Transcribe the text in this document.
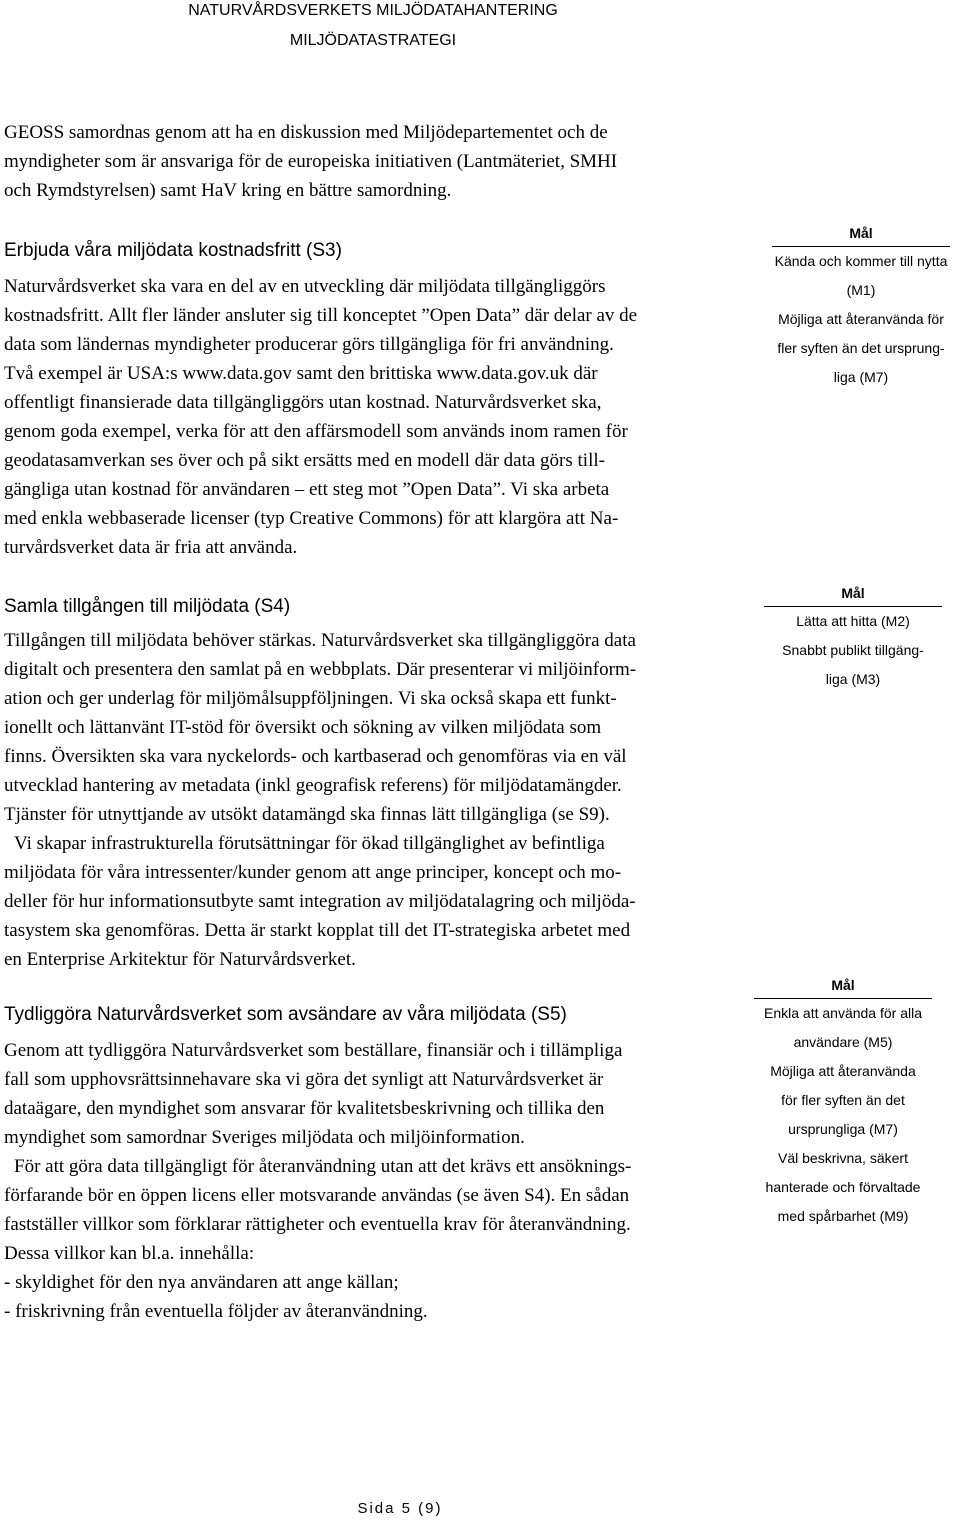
NATURVÅRDSVERKETS MILJÖDATAHANTERING
MILJÖDATASTRATEGI

GEOSS samordnas genom att ha en diskussion med Miljödepartementet och de

myndigheter som är ansvariga för de europeiska initiativen (Lantmäteriet, SMHI

och Rymdstyrelsen) samt HaV kring en bättre samordning.

Erbjuda våra miljödata kostnadsfritt (S3)

Naturvårdsverket ska vara en del av en utveckling där miljödata tillgängliggörs

kostnadsfritt. Allt fler länder ansluter sig till konceptet ”Open Data” där delar av de

data som ländernas myndigheter producerar görs tillgängliga för fri användning.

Två exempel är USA:s www.data.gov samt den brittiska www.data.gov.uk där

offentligt finansierade data tillgängliggörs utan kostnad. Naturvårdsverket ska,

genom goda exempel, verka för att den affärsmodell som används inom ramen för

geodatasamverkan ses över och på sikt ersätts med en modell där data görs till-

gängliga utan kostnad för användaren – ett steg mot ”Open Data”. Vi ska arbeta

med enkla webbaserade licenser (typ Creative Commons) för att klargöra att Na-

turvårdsverket data är fria att använda.

Mål
Kända och kommer till nytta
(M1)
Möjliga att återanvända för
fler syften än det ursprung-
liga (M7)
Samla tillgången till miljödata (S4)

Tillgången till miljödata behöver stärkas. Naturvårdsverket ska tillgängliggöra data

digitalt och presentera den samlat på en webbplats. Där presenterar vi miljöinform-

ation och ger underlag för miljömålsuppföljningen. Vi ska också skapa ett funkt-

ionellt och lättanvänt IT-stöd för översikt och sökning av vilken miljödata som

finns. Översikten ska vara nyckelords- och kartbaserad och genomföras via en väl

utvecklad hantering av metadata (inkl geografisk referens) för miljödatamängder.

Tjänster för utnyttjande av utsökt datamängd ska finnas lätt tillgängliga (se S9).

Vi skapar infrastrukturella förutsättningar för ökad tillgänglighet av befintliga

miljödata för våra intressenter/kunder genom att ange principer, koncept och mo-

deller för hur informationsutbyte samt integration av miljödatalagring och miljöda-

tasystem ska genomföras. Detta är starkt kopplat till det IT-strategiska arbetet med

en Enterprise Arkitektur för Naturvårdsverket.

Mål
Lätta att hitta (M2)
Snabbt publikt tillgäng-
liga (M3)
Tydliggöra Naturvårdsverket som avsändare av våra miljödata (S5)

Genom att tydliggöra Naturvårdsverket som beställare, finansiär och i tillämpliga

fall som upphovsrättsinnehavare ska vi göra det synligt att Naturvårdsverket är

dataägare, den myndighet som ansvarar för kvalitetsbeskrivning och tillika den

myndighet som samordnar Sveriges miljödata och miljöinformation.

För att göra data tillgängligt för återanvändning utan att det krävs ett ansöknings-

förfarande bör en öppen licens eller motsvarande användas (se även S4). En sådan

fastställer villkor som förklarar rättigheter och eventuella krav för återanvändning.

Dessa villkor kan bl.a. innehålla:

- skyldighet för den nya användaren att ange källan;

- friskrivning från eventuella följder av återanvändning.

Mål
Enkla att använda för alla
användare (M5)
Möjliga att återanvända
för fler syften än det
ursprungliga (M7)
Väl beskrivna, säkert
hanterade och förvaltade
med spårbarhet (M9)
Sida 5 (9)
